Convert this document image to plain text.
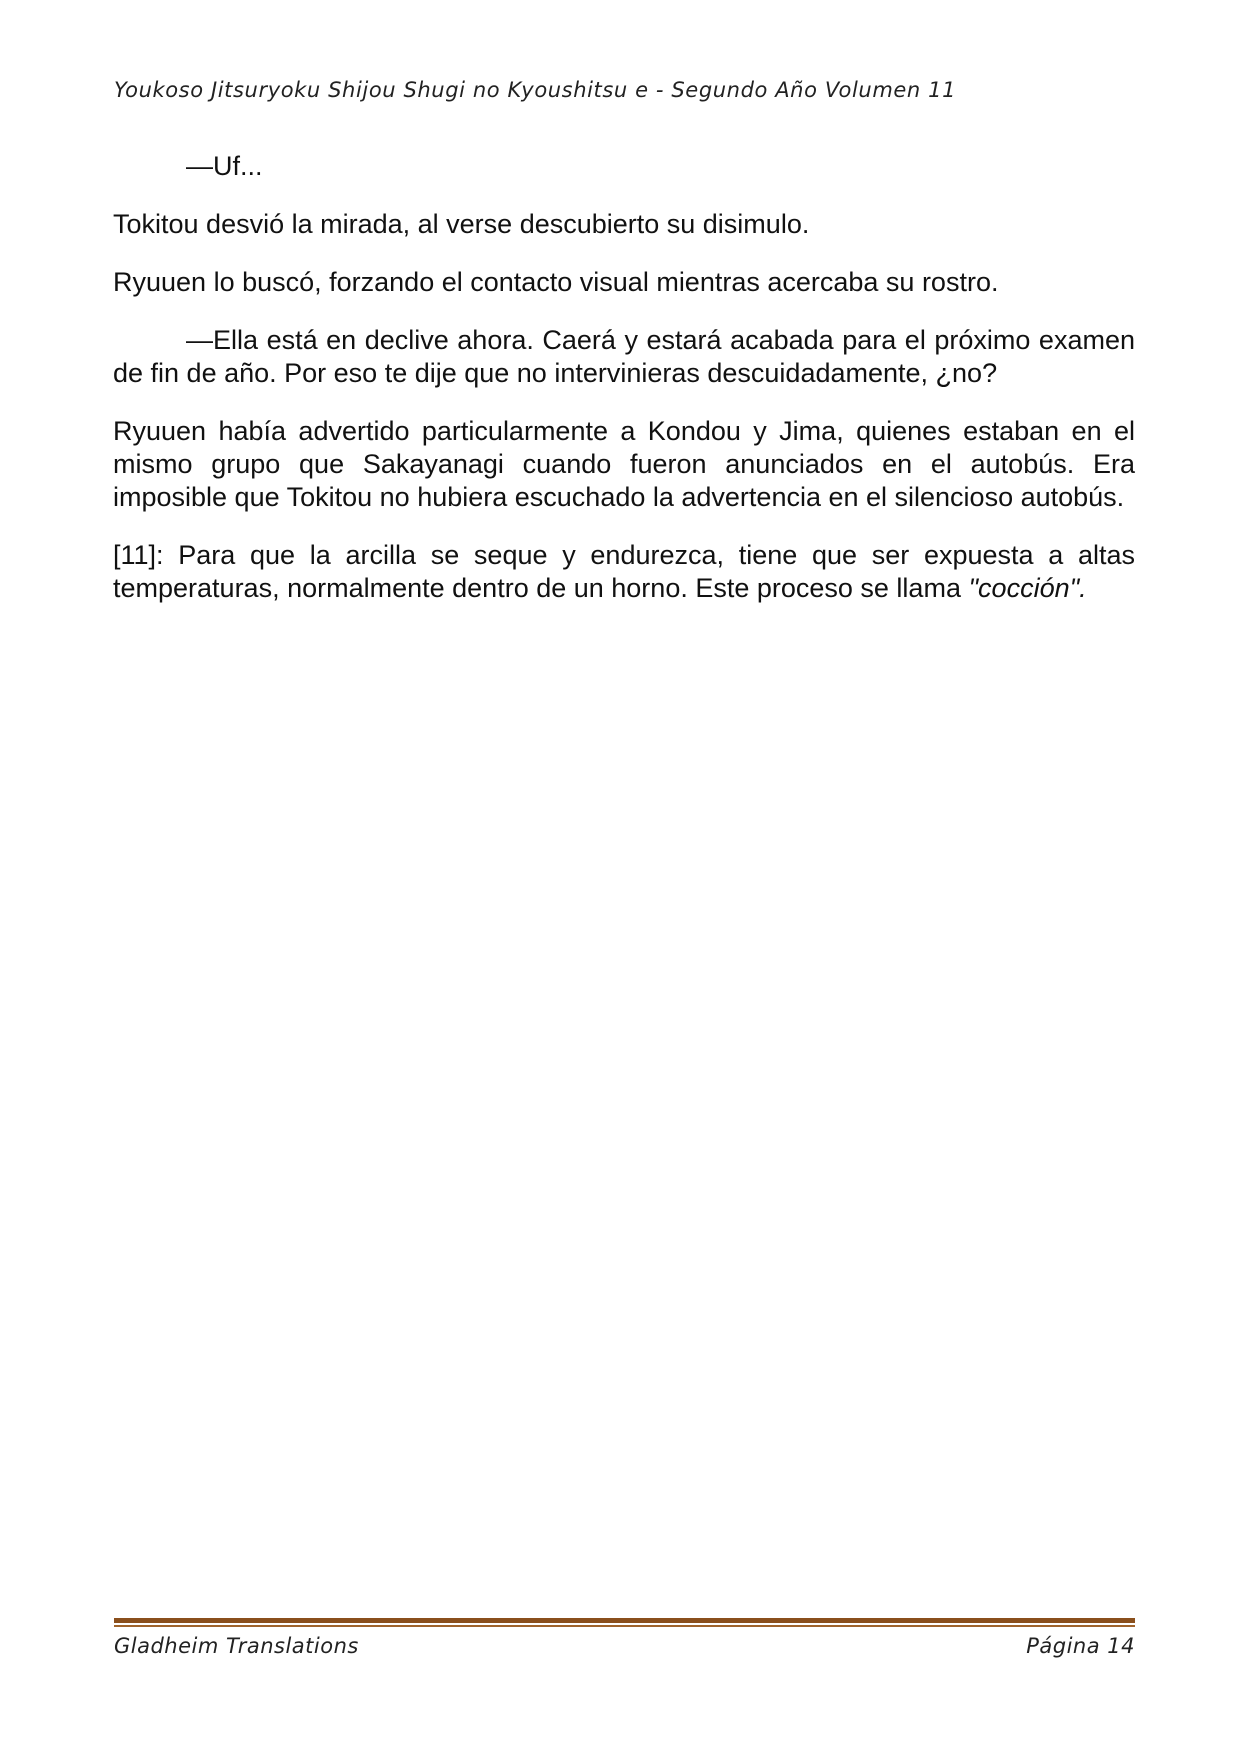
Youkoso Jitsuryoku Shijou Shugi no Kyoushitsu e - Segundo Año Volumen 11

—Uf...

Tokitou desvió la mirada, al verse descubierto su disimulo.

Ryuuen lo buscó, forzando el contacto visual mientras acercaba su rostro.

—Ella está en declive ahora. Caerá y estará acabada para el próximo examen de fin de año. Por eso te dije que no intervinieras descuidadamente, ¿no?

Ryuuen había advertido particularmente a Kondou y Jima, quienes estaban en el mismo grupo que Sakayanagi cuando fueron anunciados en el autobús. Era imposible que Tokitou no hubiera escuchado la advertencia en el silencioso autobús.

[11]: Para que la arcilla se seque y endurezca, tiene que ser expuesta a altas temperaturas, normalmente dentro de un horno. Este proceso se llama "cocción".

Gladheim Translations	Página 14
